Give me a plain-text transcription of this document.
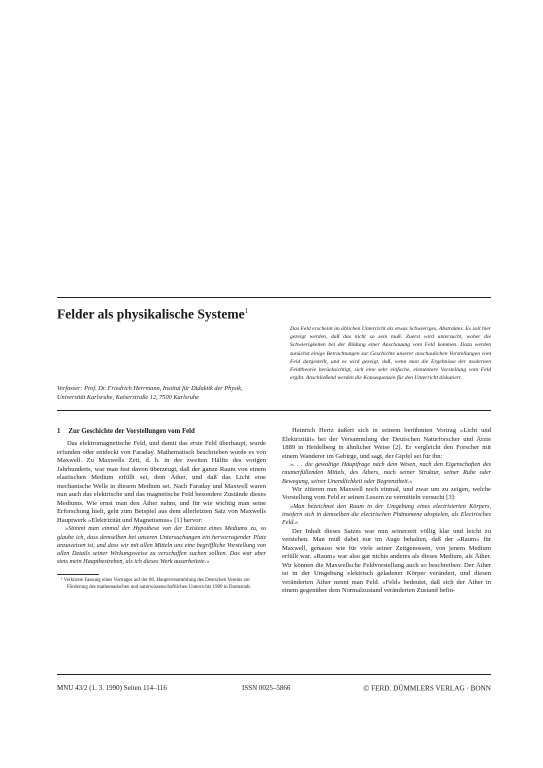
Felder als physikalische Systeme$^1$
Verfasser: Prof. Dr. Friedrich Herrmann, Institut für Didaktik der Physik, Universität Karlsruhe, Kaiserstraße 12, 7500 Karlsruhe
Das Feld erscheint im üblichen Unterricht als etwas Schwieriges, Abstraktes. Es soll hier gezeigt werden, daß das nicht so sein muß. Zuerst wird untersucht, woher die Schwierigkeiten bei der Bildung einer Anschauung vom Feld kommen. Dazu werden zunächst einige Betrachtungen zur Geschichte unserer anschaulichen Vorstellungen vom Feld dargestellt, und es wird gezeigt, daß, wenn man die Ergebnisse der modernen Feldtheorie berücksichtigt, sich eine sehr einfache, elementare Vorstellung vom Feld ergibt. Anschließend werden die Konsequenzen für den Unterricht diskutiert.
1 Zur Geschichte der Vorstellungen vom Feld

Das elektromagnetische Feld, und damit das erste Feld überhaupt, wurde erfunden oder entdeckt von Faraday. Mathematisch beschrieben wurde es von Maxwell. Zu Maxwells Zeit, d. h. in der zweiten Hälfte des vorigen Jahrhunderts, war man fest davon überzeugt, daß der ganze Raum von einem elastischen Medium erfüllt sei, dem Äther, und daß das Licht eine mechanische Welle in diesem Medium sei. Nach Faraday und Maxwell waren nun auch das elektrische und das magnetische Feld besondere Zustände dieses Mediums. Wie ernst man den Äther nahm, und für wie wichtig man seine Erforschung hielt, geht zum Beispiel aus dem allerletzten Satz von Maxwells Hauptwerk »Elektrizität und Magnetismus« [1] hervor:

»Stimmt man einmal der Hypothese von der Existenz eines Mediums zu, so glaube ich, dass demselben bei unseren Untersuchungen ein hervorragender Platz anzuweisen ist, und dass wir mit allen Mitteln uns eine begriffliche Vorstellung von allen Details seiner Wirkungsweise zu verschaffen suchen sollten. Das war aber stets mein Hauptbestreben, als ich dieses Werk ausarbeitete.«

¹ Verkürzte Fassung eines Vortrages auf der 80. Hauptversammlung des Deutschen Vereins zur Förderung des mathematischen und naturwissenschaftlichen Unterrichts 1989 in Darmstadt.

Heinrich Hertz äußert sich in seinem berühmten Vortrag »Licht und Elektrizität« bei der Versammlung der Deutschen Naturforscher und Ärzte 1889 in Heidelberg in ähnlicher Weise [2]. Er vergleicht den Forscher mit einem Wanderer im Gebirge, und sagt, der Gipfel sei für ihn:

». . . die gewaltige Hauptfrage nach dem Wesen, nach den Eigenschaften des raumerfüllenden Mittels, des Äthers, nach seiner Struktur, seiner Ruhe oder Bewegung, seiner Unendlichkeit oder Begrenztheit.«

Wir zitieren nun Maxwell noch einmal, und zwar um zu zeigen, welche Vorstellung vom Feld er seinen Lesern zu vermitteln versucht [3]:

»Man bezeichnet den Raum in der Umgebung eines electrisierten Körpers, insofern sich in demselben die electrischen Phänomene abspielen, als Electrisches Feld.«

Der Inhalt dieses Satzes war nun seinerzeit völlig klar und leicht zu verstehen. Man muß dabei nur im Auge behalten, daß der »Raum« für Maxwell, genauso wie für viele seiner Zeitgenossen, von jenem Medium erfüllt war. »Raum« war also gar nichts anderes als dieses Medium, als Äther. Wir können die Maxwellsche Feldvorstellung auch so beschreiben: Der Äther ist in der Umgebung elektrisch geladener Körper verändert, und diesen veränderten Äther nennt man Feld. »Feld« bedeutet, daß sich der Äther in einem gegenüber dem Normalzustand veränderten Zustand befin-

MNU 43/2 (1. 3. 1990) Seiten 114–116	ISSN 0025–5866	© FERD. DÜMMLERS VERLAG · BONN
